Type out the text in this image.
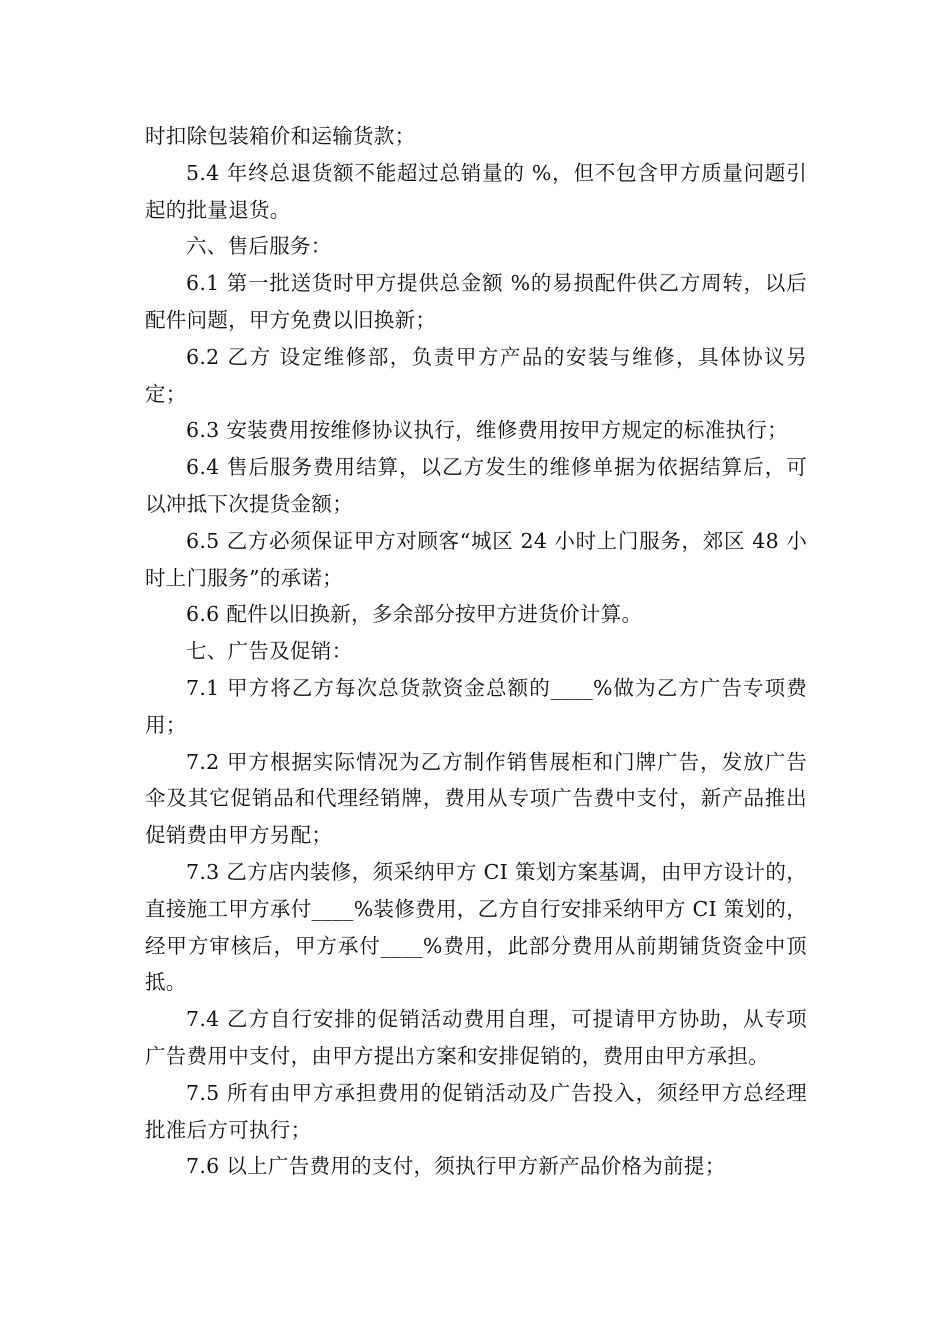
时扣除包装箱价和运输货款；

5.4 年终总退货额不能超过总销量的 %，但不包含甲方质量问题引起的批量退货。

六、售后服务：

6.1 第一批送货时甲方提供总金额 %的易损配件供乙方周转，以后配件问题，甲方免费以旧换新；

6.2 乙方 设定维修部，负责甲方产品的安装与维修，具体协议另定；

6.3 安装费用按维修协议执行，维修费用按甲方规定的标准执行；

6.4 售后服务费用结算，以乙方发生的维修单据为依据结算后，可以冲抵下次提货金额；

6.5 乙方必须保证甲方对顾客“城区 24 小时上门服务，郊区 48 小时上门服务”的承诺；

6.6 配件以旧换新，多余部分按甲方进货价计算。

七、广告及促销：

7.1 甲方将乙方每次总货款资金总额的____%做为乙方广告专项费用；

7.2 甲方根据实际情况为乙方制作销售展柜和门牌广告，发放广告伞及其它促销品和代理经销牌，费用从专项广告费中支付，新产品推出促销费由甲方另配；

7.3 乙方店内装修，须采纳甲方 CI 策划方案基调，由甲方设计的，直接施工甲方承付____%装修费用，乙方自行安排采纳甲方 CI 策划的，经甲方审核后，甲方承付____%费用，此部分费用从前期铺货资金中顶抵。

7.4 乙方自行安排的促销活动费用自理，可提请甲方协助，从专项广告费用中支付，由甲方提出方案和安排促销的，费用由甲方承担。

7.5 所有由甲方承担费用的促销活动及广告投入，须经甲方总经理批准后方可执行；

7.6 以上广告费用的支付，须执行甲方新产品价格为前提；
